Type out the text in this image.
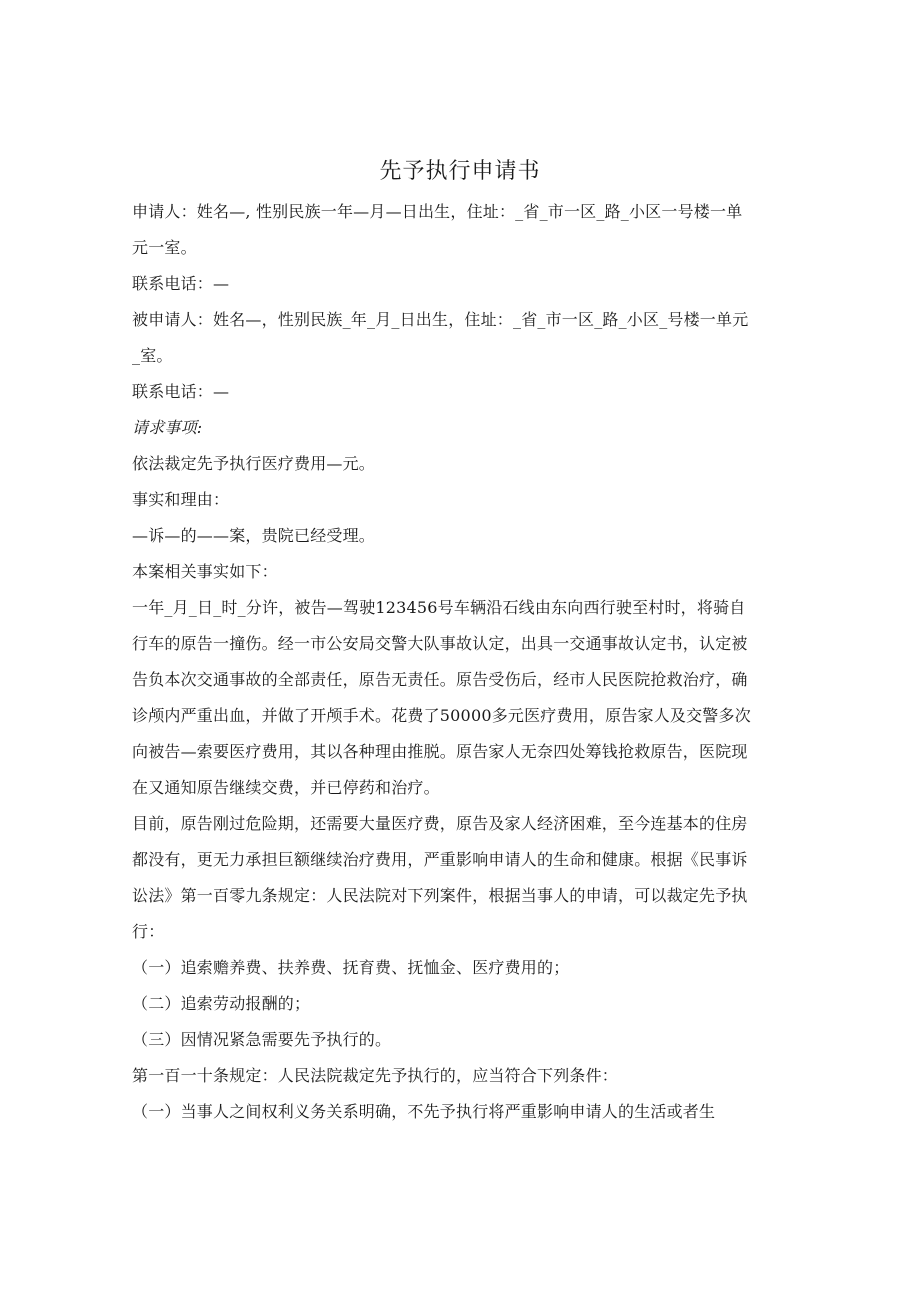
先予执行申请书
申请人：姓名—, 性别民族一年—月—日出生，住址：_省_市一区_路_小区一号楼一单
元一室。
联系电话：—
被申请人：姓名—，性别民族_年_月_日出生，住址：_省_市一区_路_小区_号楼一单元
_室。
联系电话：—
请求事项:
依法裁定先予执行医疗费用—元。
事实和理由：
—诉—的——案，贵院已经受理。
本案相关事实如下：
一年_月_日_时_分许，被告—驾驶123456号车辆沿石线由东向西行驶至村时，将骑自
行车的原告一撞伤。经一市公安局交警大队事故认定，出具一交通事故认定书，认定被
告负本次交通事故的全部责任，原告无责任。原告受伤后，经市人民医院抢救治疗，确
诊颅内严重出血，并做了开颅手术。花费了50000多元医疗费用，原告家人及交警多次
向被告—索要医疗费用，其以各种理由推脱。原告家人无奈四处筹钱抢救原告，医院现
在又通知原告继续交费，并已停药和治疗。
目前，原告刚过危险期，还需要大量医疗费，原告及家人经济困难，至今连基本的住房
都没有，更无力承担巨额继续治疗费用，严重影响申请人的生命和健康。根据《民事诉
讼法》第一百零九条规定：人民法院对下列案件，根据当事人的申请，可以裁定先予执
行：
（一）追索赡养费、扶养费、抚育费、抚恤金、医疗费用的；
（二）追索劳动报酬的；
（三）因情况紧急需要先予执行的。
第一百一十条规定：人民法院裁定先予执行的，应当符合下列条件：
（一）当事人之间权利义务关系明确，不先予执行将严重影响申请人的生活或者生
